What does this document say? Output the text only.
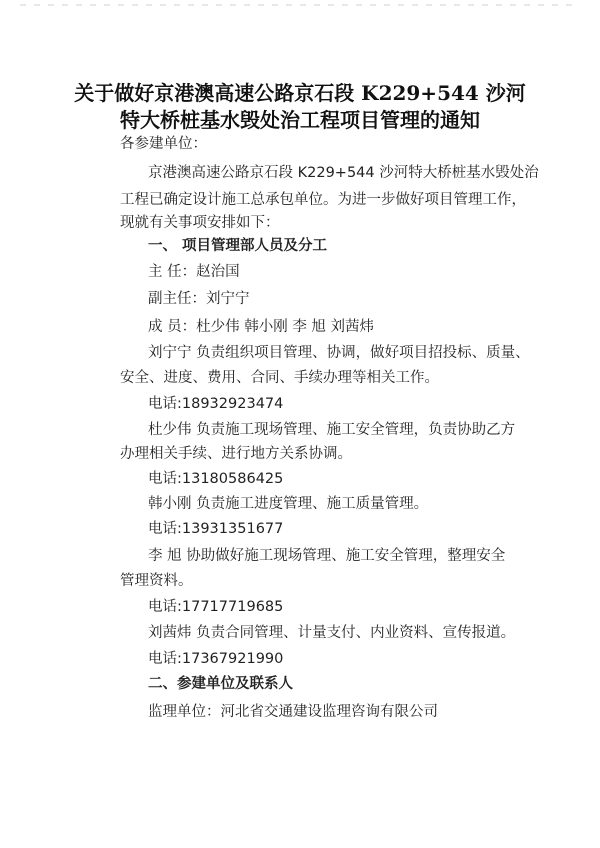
关于做好京港澳高速公路京石段 K229+544 沙河
特大桥桩基水毁处治工程项目管理的通知
各参建单位：
京港澳高速公路京石段 K229+544 沙河特大桥桩基水毁处治
工程已确定设计施工总承包单位。为进一步做好项目管理工作，
现就有关事项安排如下：
一、 项目管理部人员及分工
主 任：赵治国
副主任：刘宁宁
成 员：杜少伟 韩小刚 李 旭 刘茜炜
刘宁宁 负责组织项目管理、协调，做好项目招投标、质量、
安全、进度、费用、合同、手续办理等相关工作。
电话:18932923474
杜少伟 负责施工现场管理、施工安全管理，负责协助乙方
办理相关手续、进行地方关系协调。
电话:13180586425
韩小刚 负责施工进度管理、施工质量管理。
电话:13931351677
李 旭 协助做好施工现场管理、施工安全管理，整理安全
管理资料。
电话:17717719685
刘茜炜 负责合同管理、计量支付、内业资料、宣传报道。
电话:17367921990
二、参建单位及联系人
监理单位：河北省交通建设监理咨询有限公司
